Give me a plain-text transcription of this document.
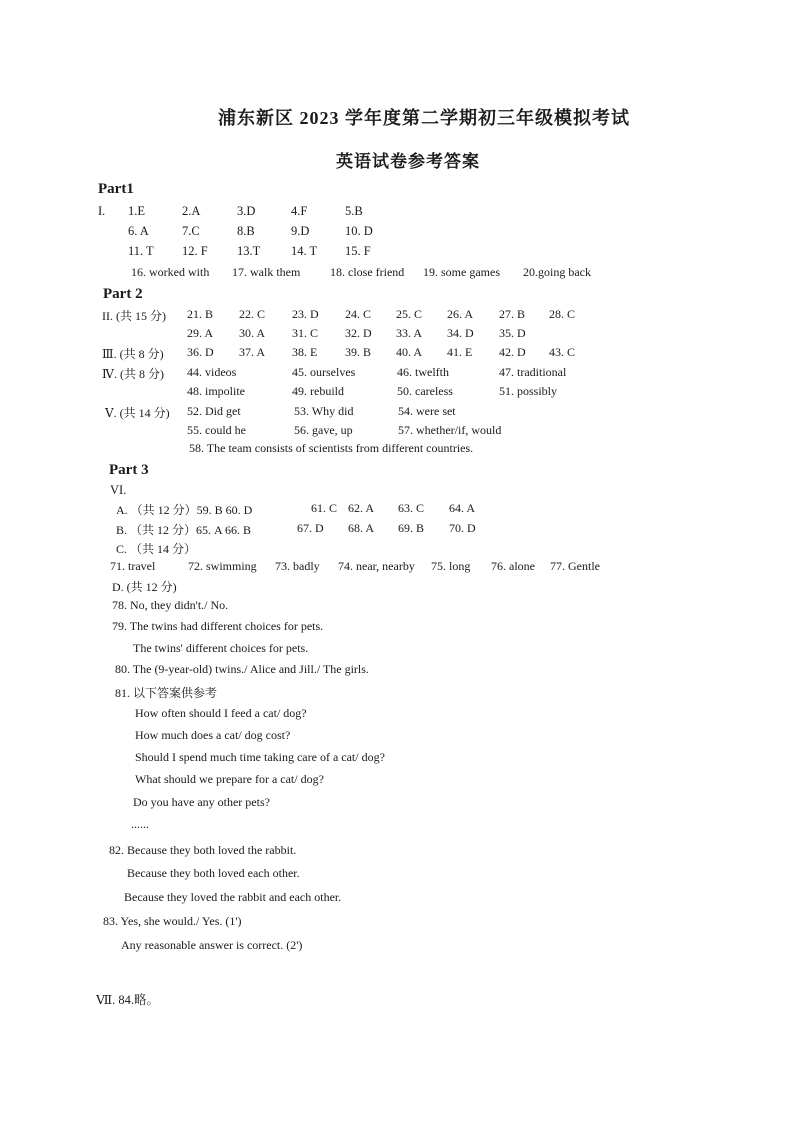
浦东新区 2023 学年度第二学期初三年级模拟考试
英语试卷参考答案
Part1
I. 1.E	2.A	3.D	4.F	5.B
6. A	7.C	8.B	9.D	10. D
11. T 12. F 13.T 14. T 15. F
16. worked with 17. walk them 18. close friend 19. some games 20.going back
Part 2
II. (共 15 分) 21. B 22. C 23. D 24. C 25. C 26. A 27. B 28. C
29. A 30. A 31. C 32. D 33. A 34. D 35. D
Ⅲ. (共 8 分) 36. D 37. A 38. E 39. B 40. A 41. E 42. D 43. C
Ⅳ. (共 8 分) 44. videos	45. ourselves	46. twelfth	47. traditional
48. impolite	49. rebuild	50. careless	51. possibly
Ⅴ. (共 14 分) 52. Did get	53. Why did	54. were set
55. could he	56. gave, up	57. whether/if, would
58. The team consists of scientists from different countries.
Part 3
VI.
A. （共 12 分）59. B 60. D	61. C 62. A 63. C 64. A
B. （共 12 分）65. A 66. B	67. D 68. A 69. B 70. D
C. （共 14 分）
71. travel	72. swimming 73. badly 74. near, nearby 75. long 76. alone 77. Gentle
D. (共 12 分)
78. No, they didn't./ No.
79. The twins had different choices for pets.
The twins' different choices for pets.
80. The (9-year-old) twins./ Alice and Jill./ The girls.
81. 以下答案供参考
How often should I feed a cat/ dog?
How much does a cat/ dog cost?
Should I spend much time taking care of a cat/ dog?
What should we prepare for a cat/ dog?
Do you have any other pets?
......
82. Because they both loved the rabbit.
Because they both loved each other.
Because they loved the rabbit and each other.
83. Yes, she would./ Yes. (1')
Any reasonable answer is correct. (2')
Ⅶ. 84.略。
